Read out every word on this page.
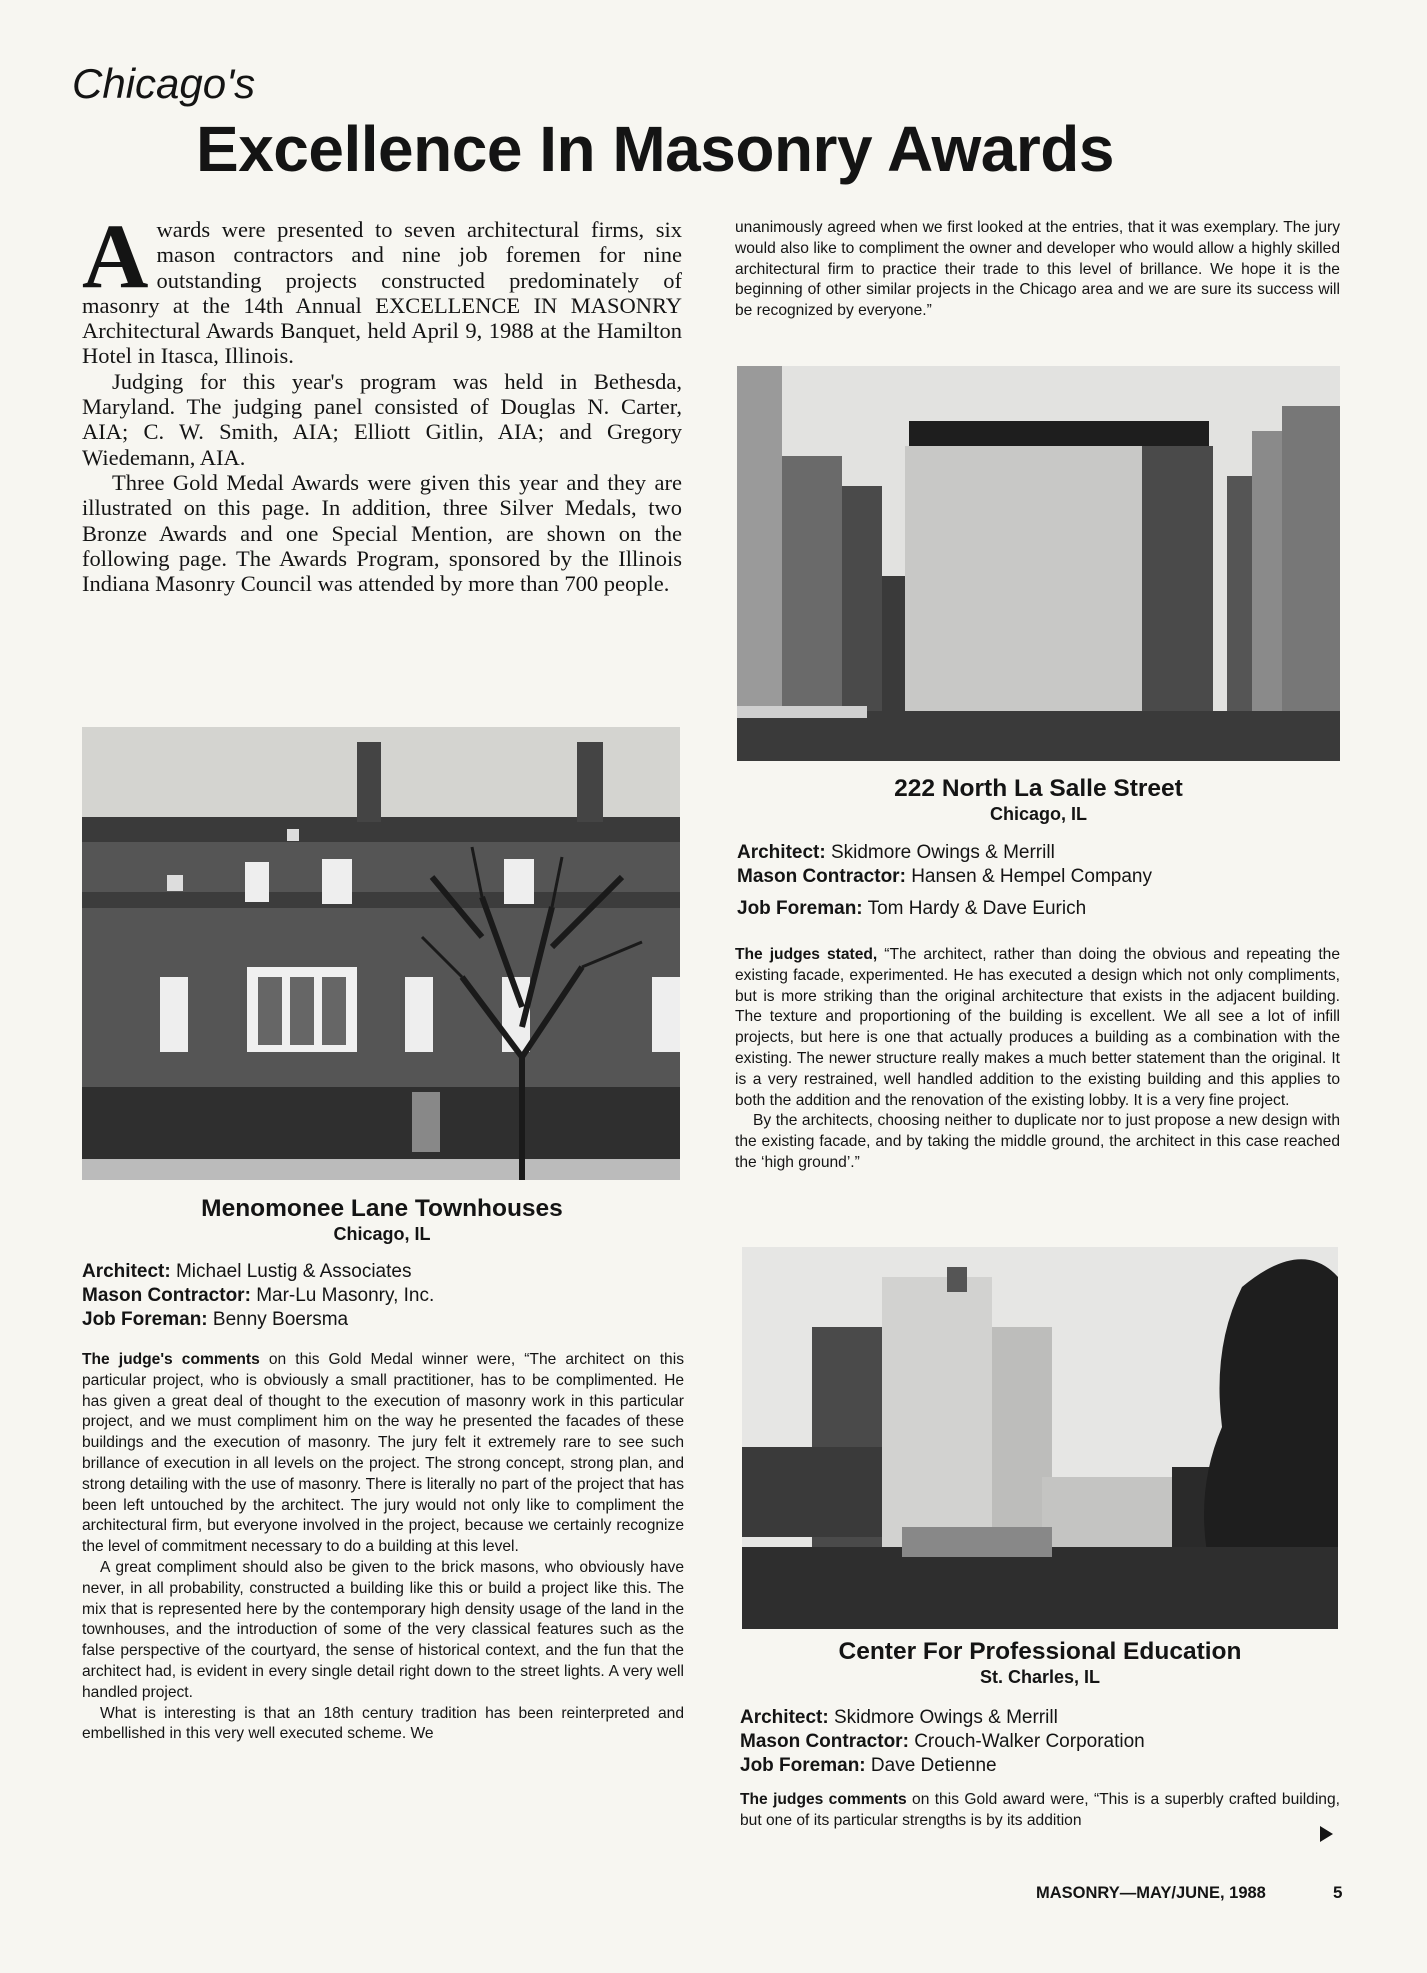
Chicago's
Excellence In Masonry Awards
A wards were presented to seven architectural firms, six mason contractors and nine job foremen for nine outstanding projects constructed predominately of masonry at the 14th Annual EXCELLENCE IN MASONRY Architectural Awards Banquet, held April 9, 1988 at the Hamilton Hotel in Itasca, Illinois.

Judging for this year's program was held in Bethesda, Maryland. The judging panel consisted of Douglas N. Carter, AIA; C. W. Smith, AIA; Elliott Gitlin, AIA; and Gregory Wiedemann, AIA.

Three Gold Medal Awards were given this year and they are illustrated on this page. In addition, three Silver Medals, two Bronze Awards and one Special Mention, are shown on the following page. The Awards Program, sponsored by the Illinois Indiana Masonry Council was attended by more than 700 people.

Menomonee Lane Townhouses
Chicago, IL
Architect: Michael Lustig & Associates
Mason Contractor: Mar-Lu Masonry, Inc.
Job Foreman: Benny Boersma

The judge's comments on this Gold Medal winner were, “The architect on this particular project, who is obviously a small practitioner, has to be complimented. He has given a great deal of thought to the execution of masonry work in this particular project, and we must compliment him on the way he presented the facades of these buildings and the execution of masonry. The jury felt it extremely rare to see such brillance of execution in all levels on the project. The strong concept, strong plan, and strong detailing with the use of masonry. There is literally no part of the project that has been left untouched by the architect. The jury would not only like to compliment the architectural firm, but everyone involved in the project, because we certainly recognize the level of commitment necessary to do a building at this level.

A great compliment should also be given to the brick masons, who obviously have never, in all probability, constructed a building like this or build a project like this. The mix that is represented here by the contemporary high density usage of the land in the townhouses, and the introduction of some of the very classical features such as the false perspective of the courtyard, the sense of historical context, and the fun that the architect had, is evident in every single detail right down to the street lights. A very well handled project.

What is interesting is that an 18th century tradition has been reinterpreted and embellished in this very well executed scheme. We

unanimously agreed when we first looked at the entries, that it was exemplary. The jury would also like to compliment the owner and developer who would allow a highly skilled architectural firm to practice their trade to this level of brillance. We hope it is the beginning of other similar projects in the Chicago area and we are sure its success will be recognized by everyone.”

222 North La Salle Street
Chicago, IL
Architect: Skidmore Owings & Merrill
Mason Contractor: Hansen & Hempel Company
Job Foreman: Tom Hardy & Dave Eurich

The judges stated, “The architect, rather than doing the obvious and repeating the existing facade, experimented. He has executed a design which not only compliments, but is more striking than the original architecture that exists in the adjacent building. The texture and proportioning of the building is excellent. We all see a lot of infill projects, but here is one that actually produces a building as a combination with the existing. The newer structure really makes a much better statement than the original. It is a very restrained, well handled addition to the existing building and this applies to both the addition and the renovation of the existing lobby. It is a very fine project.

By the architects, choosing neither to duplicate nor to just propose a new design with the existing facade, and by taking the middle ground, the architect in this case reached the ‘high ground’.”

Center For Professional Education
St. Charles, IL
Architect: Skidmore Owings & Merrill
Mason Contractor: Crouch-Walker Corporation
Job Foreman: Dave Detienne

The judges comments on this Gold award were, “This is a superbly crafted building, but one of its particular strengths is by its addition

MASONRY—MAY/JUNE, 1988	5
